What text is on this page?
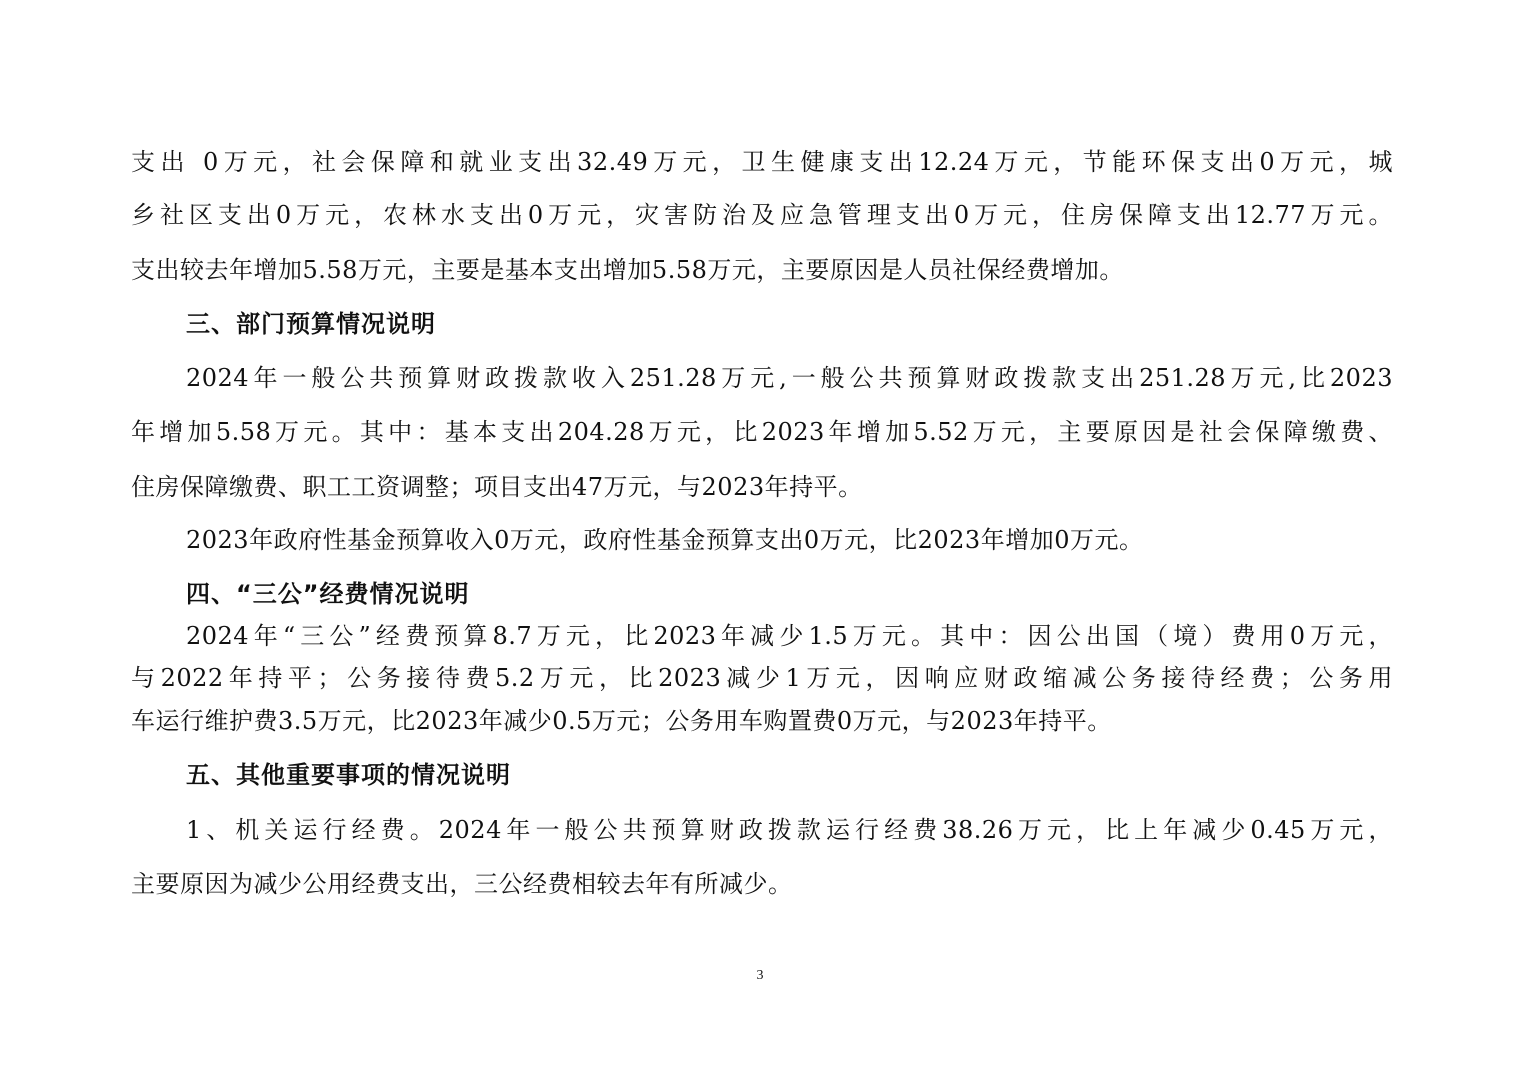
支出 0万元，社会保障和就业支出32.49万元，卫生健康支出12.24万元，节能环保支出0万元，城
乡社区支出0万元，农林水支出0万元，灾害防治及应急管理支出0万元，住房保障支出12.77万元。
支出较去年增加5.58万元，主要是基本支出增加5.58万元，主要原因是人员社保经费增加。
三、部门预算情况说明
2024年一般公共预算财政拨款收入251.28万元,一般公共预算财政拨款支出251.28万元,比2023
年增加5.58万元。其中：基本支出204.28万元，比2023年增加5.52万元，主要原因是社会保障缴费、
住房保障缴费、职工工资调整；项目支出47万元，与2023年持平。
2023年政府性基金预算收入0万元，政府性基金预算支出0万元，比2023年增加0万元。
四、“三公”经费情况说明
2024年“三公”经费预算8.7万元，比2023年减少1.5万元。其中：因公出国（境）费用0万元，
与2022年持平；公务接待费5.2万元，比2023减少1万元，因响应财政缩减公务接待经费；公务用
车运行维护费3.5万元，比2023年减少0.5万元；公务用车购置费0万元，与2023年持平。
五、其他重要事项的情况说明
1、机关运行经费。2024年一般公共预算财政拨款运行经费38.26万元，比上年减少0.45万元，
主要原因为减少公用经费支出，三公经费相较去年有所减少。
3
